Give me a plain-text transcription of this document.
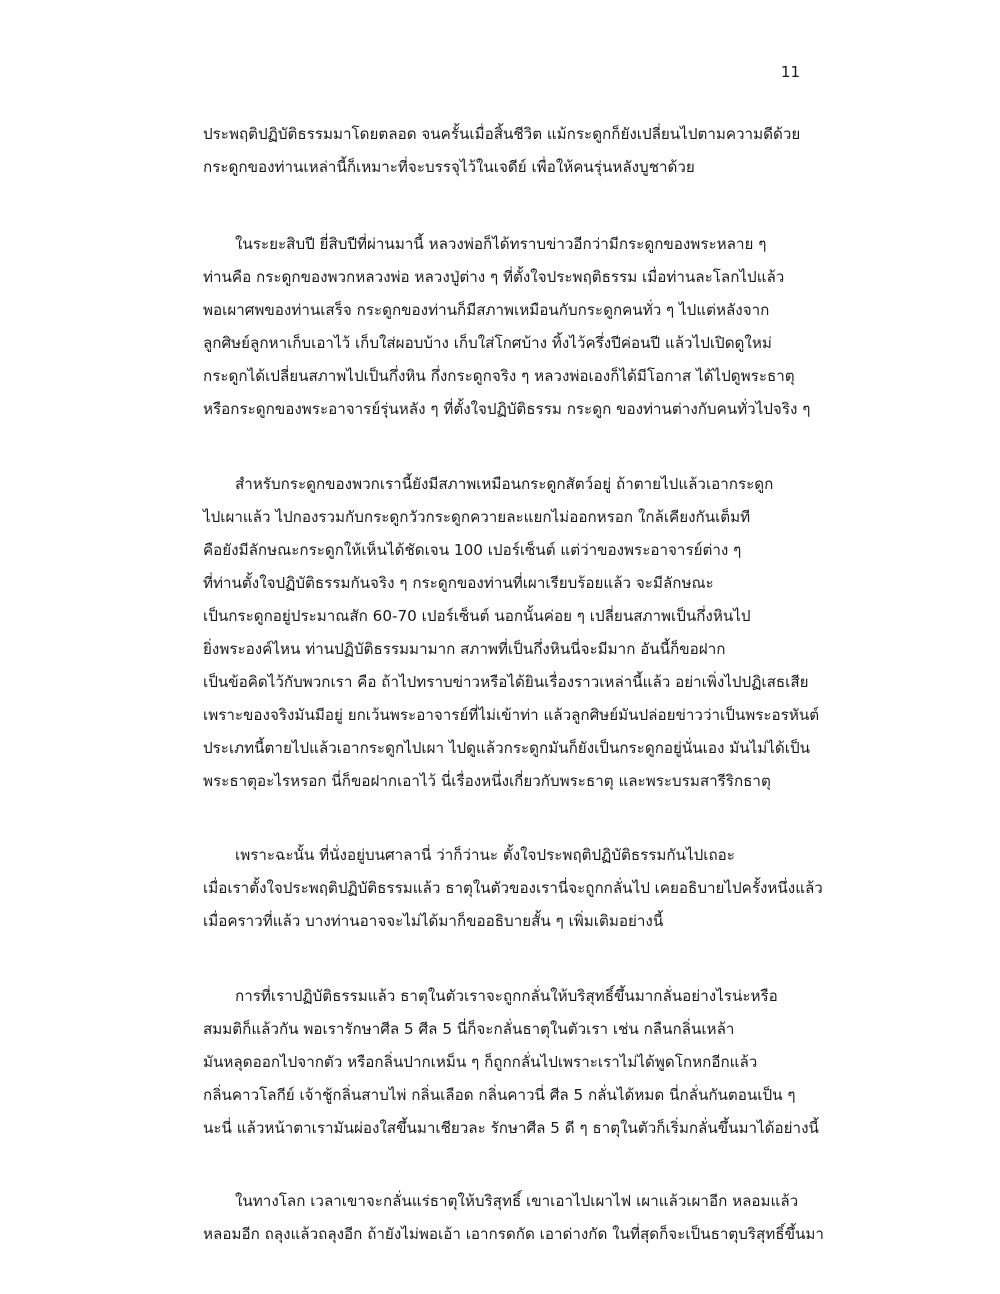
11
ประพฤติปฏิบัติธรรมมาโดยตลอด จนครั้นเมื่อสิ้นชีวิต แม้กระดูกก็ยังเปลี่ยนไปตามความดีด้วย
กระดูกของท่านเหล่านี้ก็เหมาะที่จะบรรจุไว้ในเจดีย์ เพื่อให้คนรุ่นหลังบูชาด้วย
ในระยะสิบปี ยี่สิบปีที่ผ่านมานี้ หลวงพ่อก็ได้ทราบข่าวอีกว่ามีกระดูกของพระหลาย ๆ
ท่านคือ กระดูกของพวกหลวงพ่อ หลวงปู่ต่าง ๆ ที่ตั้งใจประพฤติธรรม เมื่อท่านละโลกไปแล้ว
พอเผาศพของท่านเสร็จ กระดูกของท่านก็มีสภาพเหมือนกับกระดูกคนทั่ว ๆ ไปแต่หลังจาก
ลูกศิษย์ลูกหาเก็บเอาไว้ เก็บใส่ผอบบ้าง เก็บใส่โกศบ้าง ทิ้งไว้ครึ่งปีค่อนปี แล้วไปเปิดดูใหม่
กระดูกได้เปลี่ยนสภาพไปเป็นกึ่งหิน กึ่งกระดูกจริง ๆ หลวงพ่อเองก็ได้มีโอกาส ได้ไปดูพระธาตุ
หรือกระดูกของพระอาจารย์รุ่นหลัง ๆ ที่ตั้งใจปฏิบัติธรรม กระดูก ของท่านต่างกับคนทั่วไปจริง ๆ
สำหรับกระดูกของพวกเรานี้ยังมีสภาพเหมือนกระดูกสัตว์อยู่ ถ้าตายไปแล้วเอากระดูก
ไปเผาแล้ว ไปกองรวมกับกระดูกวัวกระดูกควายละแยกไม่ออกหรอก ใกล้เคียงกันเต็มที
คือยังมีลักษณะกระดูกให้เห็นได้ชัดเจน 100 เปอร์เซ็นต์ แต่ว่าของพระอาจารย์ต่าง ๆ
ที่ท่านตั้งใจปฏิบัติธรรมกันจริง ๆ กระดูกของท่านที่เผาเรียบร้อยแล้ว จะมีลักษณะ
เป็นกระดูกอยู่ประมาณสัก 60-70 เปอร์เซ็นต์ นอกนั้นค่อย ๆ เปลี่ยนสภาพเป็นกึ่งหินไป
ยิ่งพระองค์ไหน ท่านปฏิบัติธรรมมามาก สภาพที่เป็นกึ่งหินนี่จะมีมาก อันนี้ก็ขอฝาก
เป็นข้อคิดไว้กับพวกเรา คือ ถ้าไปทราบข่าวหรือได้ยินเรื่องราวเหล่านี้แล้ว อย่าเพิ่งไปปฏิเสธเสีย
เพราะของจริงมันมีอยู่ ยกเว้นพระอาจารย์ที่ไม่เข้าท่า แล้วลูกศิษย์มันปล่อยข่าวว่าเป็นพระอรหันต์
ประเภทนี้ตายไปแล้วเอากระดูกไปเผา ไปดูแล้วกระดูกมันก็ยังเป็นกระดูกอยู่นั่นเอง มันไม่ได้เป็น
พระธาตุอะไรหรอก นี่ก็ขอฝากเอาไว้ นี่เรื่องหนึ่งเกี่ยวกับพระธาตุ และพระบรมสารีริกธาตุ
เพราะฉะนั้น ที่นั่งอยู่บนศาลานี่ ว่าก็ว่านะ ตั้งใจประพฤติปฏิบัติธรรมกันไปเถอะ
เมื่อเราตั้งใจประพฤติปฏิบัติธรรมแล้ว ธาตุในตัวของเรานี่จะถูกกลั่นไป เคยอธิบายไปครั้งหนึ่งแล้ว
เมื่อคราวที่แล้ว บางท่านอาจจะไม่ได้มาก็ขออธิบายสั้น ๆ เพิ่มเติมอย่างนี้
การที่เราปฏิบัติธรรมแล้ว ธาตุในตัวเราจะถูกกลั่นให้บริสุทธิ์ขึ้นมากลั่นอย่างไรน่ะหรือ
สมมติก็แล้วกัน พอเรารักษาศีล 5 ศีล 5 นี่ก็จะกลั่นธาตุในตัวเรา เช่น กลืนกลิ่นเหล้า
มันหลุดออกไปจากตัว หรือกลิ่นปากเหม็น ๆ ก็ถูกกลั่นไปเพราะเราไม่ได้พูดโกหกอีกแล้ว
กลิ่นคาวโลกีย์ เจ้าชู้กลิ่นสาบไพ่ กลิ่นเลือด กลิ่นคาวนี่ ศีล 5 กลั่นได้หมด นี่กลั่นกันตอนเป็น ๆ
นะนี่ แล้วหน้าตาเรามันผ่องใสขึ้นมาเชียวละ รักษาศีล 5 ดี ๆ ธาตุในตัวก็เริ่มกลั่นขึ้นมาได้อย่างนี้
ในทางโลก เวลาเขาจะกลั่นแร่ธาตุให้บริสุทธิ์ เขาเอาไปเผาไฟ เผาแล้วเผาอีก หลอมแล้ว
หลอมอีก ถลุงแล้วถลุงอีก ถ้ายังไม่พอเอ้า เอากรดกัด เอาด่างกัด ในที่สุดก็จะเป็นธาตุบริสุทธิ์ขึ้นมา
